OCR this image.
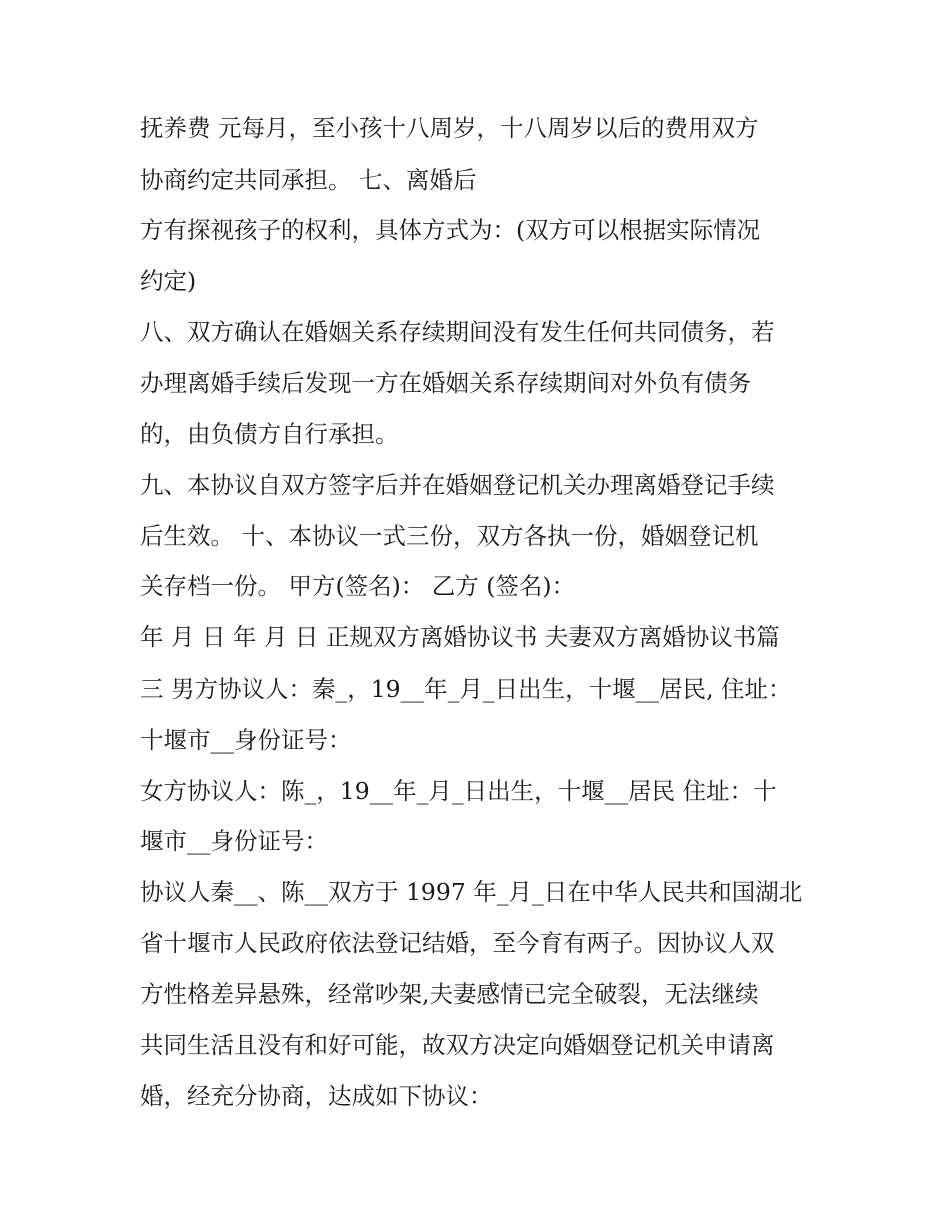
抚养费 元每月，至小孩十八周岁，十八周岁以后的费用双方

协商约定共同承担。 七、离婚后

方有探视孩子的权利，具体方式为：(双方可以根据实际情况

约定)

八、双方确认在婚姻关系存续期间没有发生任何共同债务，若

办理离婚手续后发现一方在婚姻关系存续期间对外负有债务

的，由负债方自行承担。

九、本协议自双方签字后并在婚姻登记机关办理离婚登记手续

后生效。 十、本协议一式三份，双方各执一份，婚姻登记机

关存档一份。 甲方(签名)： 乙方 (签名)：

年 月 日 年 月 日 正规双方离婚协议书 夫妻双方离婚协议书篇

三 男方协议人：秦_，19__年_月_日出生，十堰__居民, 住址：

十堰市__身份证号：

女方协议人：陈_，19__年_月_日出生，十堰__居民 住址：十

堰市__身份证号：

协议人秦__、陈__双方于 1997 年_月_日在中华人民共和国湖北

省十堰市人民政府依法登记结婚，至今育有两子。因协议人双

方性格差异悬殊，经常吵架,夫妻感情已完全破裂，无法继续

共同生活且没有和好可能，故双方决定向婚姻登记机关申请离

婚，经充分协商，达成如下协议：
